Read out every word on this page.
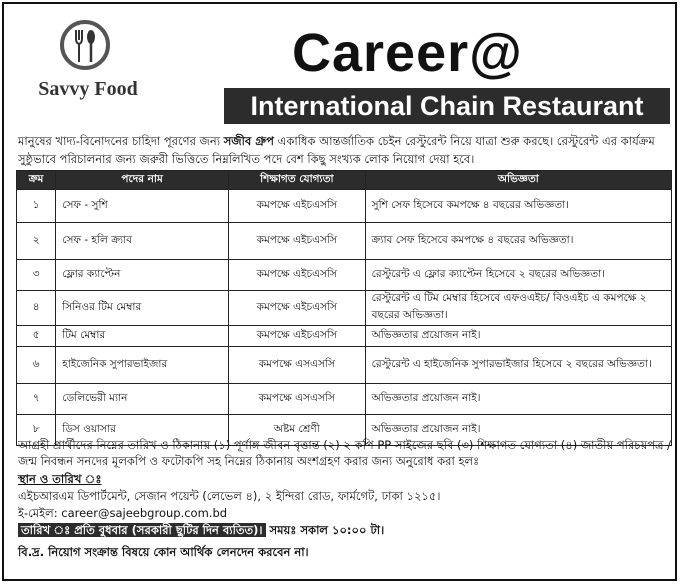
Savvy Food
Career@
International Chain Restaurant
মানুষের খাদ্য-বিনোদনের চাহিদা পূরণের জন্য সজীব গ্রুপ একাধিক আন্তর্জাতিক চেইন রেস্টুরেন্ট নিয়ে যাত্রা শুরু করছে। রেস্টুরেন্ট এর কার্যক্রম সুষ্ঠুভাবে পরিচালনার জন্য জরুরী ভিত্তিতে নিম্নলিখিত পদে বেশ কিছু সংখ্যক লোক নিয়োগ দেয়া হবে।
ক্রম	পদের নাম	শিক্ষাগত যোগ্যতা	অভিজ্ঞতা
১	সেফ - সুশি	কমপক্ষে এইচএসসি	সুশি সেফ হিসেবে কমপক্ষে ৪ বছরের অভিজ্ঞতা।
২	সেফ - হলি ক্র্যাব	কমপক্ষে এইচএসসি	ক্র্যাব সেফ হিসেবে কমপক্ষে ৪ বছরের অভিজ্ঞতা।
৩	ফ্লোর ক্যাপ্টেন	কমপক্ষে এইচএসসি	রেস্টুরেন্ট এ ফ্লোর ক্যাপ্টেন হিসেবে ২ বছরের অভিজ্ঞতা।
৪	সিনিওর টিম মেম্বার	কমপক্ষে এইচএসসি	রেস্টুরেন্ট এ টিম মেম্বার হিসেবে এফওএইচ/ বিওএইচ এ কমপক্ষে ২ বছরের অভিজ্ঞতা।
৫	টিম মেম্বার	কমপক্ষে এইচএসসি	অভিজ্ঞতার প্রয়োজন নাই।
৬	হাইজেনিক সুপারভাইজার	কমপক্ষে এসএসসি	রেস্টুরেন্ট এ হাইজেনিক সুপারভাইজার হিসেবে ২ বছরের অভিজ্ঞতা।
৭	ডেলিভেরী ম্যান	কমপক্ষে এসএসসি	অভিজ্ঞতার প্রয়োজন নাই।
৮	ডিস ওয়াসার	অষ্টম শ্রেণী	অভিজ্ঞতার প্রয়োজন নাই।
আগ্রহী প্রার্থীদের নিম্নের তারিখ ও ঠিকানায় (১) পূর্ণাঙ্গ জীবন বৃত্তান্ত (২) ২ কপি PP সাইজের ছবি (৩) শিক্ষাগত যোগ্যতা (৪) জাতীয় পরিচয়পত্র / জন্ম নিবন্ধন সনদের মূলকপি ও ফটোকপি সহ নিম্নের ঠিকানায় অংশগ্রহণ করার জন্য অনুরোধ করা হলঃ
স্থান ও তারিখ ঃ
এইচআরএম ডিপার্টমেন্ট, সেজান পয়েন্ট (লেভেল ৪), ২ ইন্দিরা রোড, ফার্মগেট, ঢাকা ১২১৫।
ই-মেইল: career@sajeebgroup.com.bd
তারিখ ঃ প্রতি বুধবার (সরকারী ছুটির দিন ব্যতিত)। সময়ঃ সকাল ১০:০০ টা।
বি.দ্র. নিয়োগ সংক্রান্ত বিষয়ে কোন আর্থিক লেনদেন করবেন না।
